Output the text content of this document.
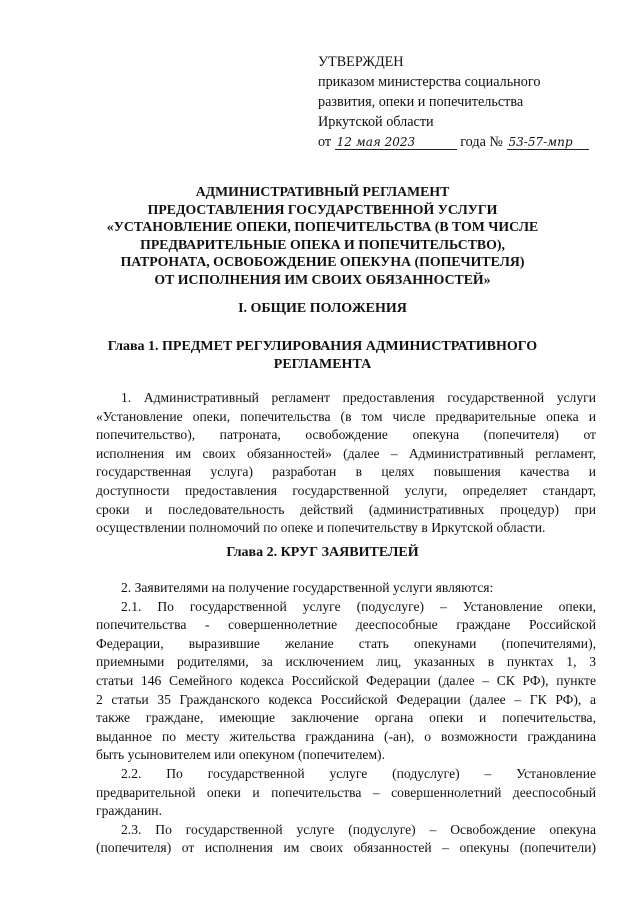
УТВЕРЖДЕН
приказом министерства социального
развития, опеки и попечительства
Иркутской области
от 12 мая 2023	года № 53-57-мпр
АДМИНИСТРАТИВНЫЙ РЕГЛАМЕНТ
ПРЕДОСТАВЛЕНИЯ ГОСУДАРСТВЕННОЙ УСЛУГИ
«УСТАНОВЛЕНИЕ ОПЕКИ, ПОПЕЧИТЕЛЬСТВА (В ТОМ ЧИСЛЕ
ПРЕДВАРИТЕЛЬНЫЕ ОПЕКА И ПОПЕЧИТЕЛЬСТВО),
ПАТРОНАТА, ОСВОБОЖДЕНИЕ ОПЕКУНА (ПОПЕЧИТЕЛЯ)
ОТ ИСПОЛНЕНИЯ ИМ СВОИХ ОБЯЗАННОСТЕЙ»
I. ОБЩИЕ ПОЛОЖЕНИЯ
Глава 1. ПРЕДМЕТ РЕГУЛИРОВАНИЯ АДМИНИСТРАТИВНОГО
РЕГЛАМЕНТА
1. Административный регламент предоставления государственной услуги
«Установление опеки, попечительства (в том числе предварительные опека и
попечительство), патроната, освобождение опекуна (попечителя) от
исполнения им своих обязанностей» (далее – Административный регламент,
государственная услуга) разработан в целях повышения качества и
доступности предоставления государственной услуги, определяет стандарт,
сроки и последовательность действий (административных процедур) при
осуществлении полномочий по опеке и попечительству в Иркутской области.
Глава 2. КРУГ ЗАЯВИТЕЛЕЙ
2. Заявителями на получение государственной услуги являются:
2.1. По государственной услуге (подуслуге) – Установление опеки,
попечительства - совершеннолетние дееспособные граждане Российской
Федерации, выразившие желание стать опекунами (попечителями),
приемными родителями, за исключением лиц, указанных в пунктах 1, 3
статьи 146 Семейного кодекса Российской Федерации (далее – СК РФ), пункте
2 статьи 35 Гражданского кодекса Российской Федерации (далее – ГК РФ), а
также граждане, имеющие заключение органа опеки и попечительства,
выданное по месту жительства гражданина (-ан), о возможности гражданина
быть усыновителем или опекуном (попечителем).
2.2. По государственной услуге (подуслуге) – Установление
предварительной опеки и попечительства – совершеннолетний дееспособный
гражданин.
2.3. По государственной услуге (подуслуге) – Освобождение опекуна
(попечителя) от исполнения им своих обязанностей – опекуны (попечители)
